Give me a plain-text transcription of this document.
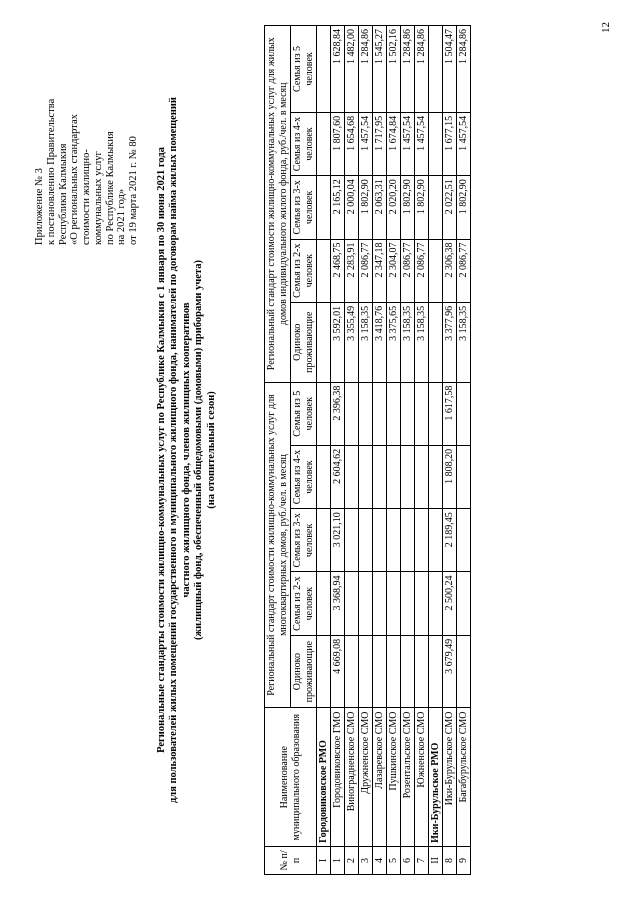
12
Приложение № 3 к постановлению Правительства Республики Калмыкия «О региональных стандартах стоимости жилищно- коммунальных услуг по Республике Калмыкия на 2021 год» от 19 марта 2021 г. № 80 Региональные стандарты стоимости жилищно-коммунальных услуг по Республике Калмыкия с 1 января по 30 июня 2021 года для пользователей жилых помещений государственного и муниципального жилищного фонда, нанимателей по договорам найма жилых помещений частного жилищного фонда, членов жилищных кооперативов (жилищный фонд, обеспеченный общедомовыми (домовыми) приборами учета) (на отопительный сезон)
№ п/п	Наименование муниципального образования	Региональный стандарт стоимости жилищно-коммунальных услуг для многоквартирных домов, руб./чел. в месяц					Региональный стандарт стоимости жилищно-коммунальных услуг для жилых домов индивидуального жилого фонда, руб./чел. в месяц				
		Одиноко проживающие	Семья из 2-х человек	Семья из 3-х человек	Семья из 4-х человек	Семья из 5 человек	Одиноко проживающие	Семья из 2-х человек	Семья из 3-х человек	Семья из 4-х человек	Семья из 5 человек
I	Городовиковское РМО										
1	Городовиковское ГМО	4 669,08	3 368,94	3 021,10	2 604,62	2 396,38	3 592,01	2 468,75	2 165,12	1 807,60	1 628,84
2	Виноградненское СМО						3 355,49	2 283,91	2 000,04	1 654,68	1 482,00
3	Дружненское СМО						3 158,35	2 086,77	1 802,90	1 457,54	1 284,86
4	Лазаревское СМО						3 418,76	2 347,18	2 063,31	1 717,95	1 545,27
5	Пушкинское СМО						3 375,65	2 304,07	2 020,20	1 674,84	1 502,16
6	Розенталъское СМО						3 158,35	2 086,77	1 802,90	1 457,54	1 284,86
7	Южненское СМО						3 158,35	2 086,77	1 802,90	1 457,54	1 284,86
II	Ики-Бурульское РМО										
8	Ики-Бурульское СМО	3 679,49	2 500,24	2 189,45	1 808,20	1 617,58	3 377,96	2 306,38	2 022,51	1 677,15	1 504,47
9	Багабурульское СМО						3 158,35	2 086,77	1 802,90	1 457,54	1 284,86
